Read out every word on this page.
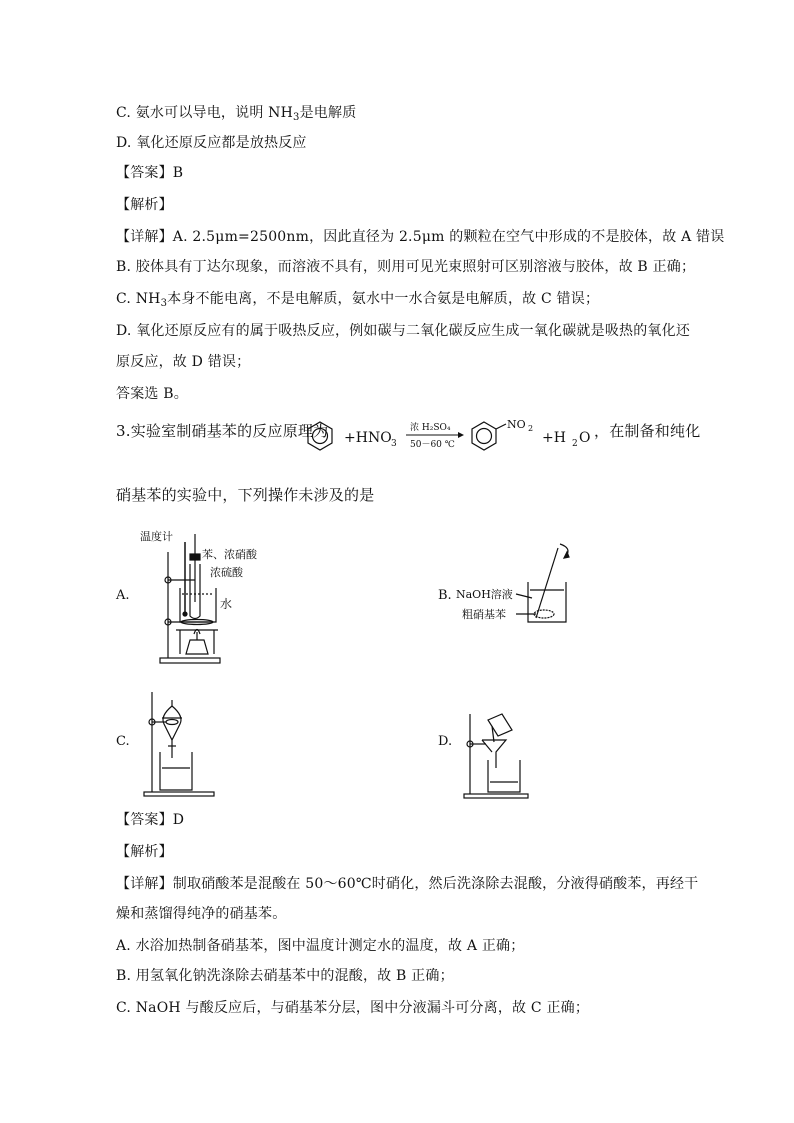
C. 氨水可以导电，说明 $NH_3$是电解质
D. 氧化还原反应都是放热反应
【答案】B
【解析】
【详解】A. 2.5μm=2500nm，因此直径为 2.5μm 的颗粒在空气中形成的不是胶体，故 A 错误
B. 胶体具有丁达尔现象，而溶液不具有，则用可见光束照射可区别溶液与胶体，故 B 正确；
C. $NH_3$本身不能电离，不是电解质，氨水中一水合氨是电解质，故 C 错误；
D. 氧化还原反应有的属于吸热反应，例如碳与二氧化碳反应生成一氧化碳就是吸热的氧化还
原反应，故 D 错误；
答案选 B。
3.实验室制硝基苯的反应原理为 +HNO 3
浓 H₂SO₄
50－60 ℃
NO 2
+H 2 O ，在制备和纯化
硝基苯的实验中，下列操作未涉及的是
A.	B.
C.	D.
温度计
苯、浓硝酸
浓硫酸
水
NaOH溶液
粗硝基苯
【答案】D
【解析】
【详解】制取硝酸苯是混酸在 50～60℃时硝化，然后洗涤除去混酸，分液得硝酸苯，再经干
燥和蒸馏得纯净的硝基苯。
A. 水浴加热制备硝基苯，图中温度计测定水的温度，故 A 正确；
B. 用氢氧化钠洗涤除去硝基苯中的混酸，故 B 正确；
C. NaOH 与酸反应后，与硝基苯分层，图中分液漏斗可分离，故 C 正确；
